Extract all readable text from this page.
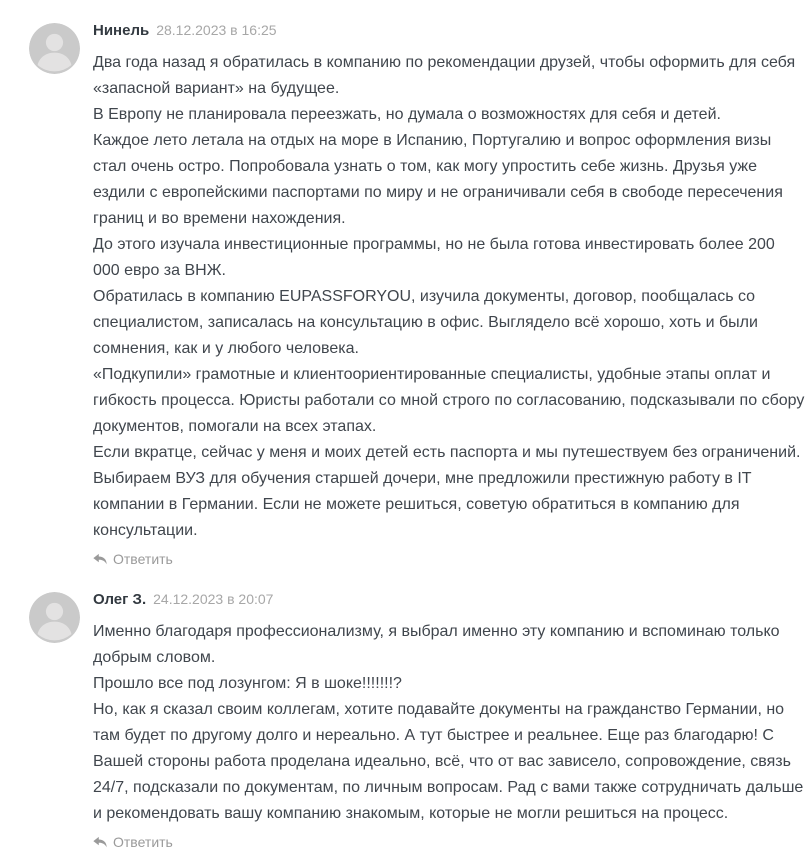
Нинель 28.12.2023 в 16:25
Два года назад я обратилась в компанию по рекомендации друзей, чтобы оформить для себя «запасной вариант» на будущее.
В Европу не планировала переезжать, но думала о возможностях для себя и детей.
Каждое лето летала на отдых на море в Испанию, Португалию и вопрос оформления визы стал очень остро. Попробовала узнать о том, как могу упростить себе жизнь. Друзья уже ездили с европейскими паспортами по миру и не ограничивали себя в свободе пересечения границ и во времени нахождения.
До этого изучала инвестиционные программы, но не была готова инвестировать более 200 000 евро за ВНЖ.
Обратилась в компанию EUPASSFORYOU, изучила документы, договор, пообщалась со специалистом, записалась на консультацию в офис. Выглядело всё хорошо, хоть и были сомнения, как и у любого человека.
«Подкупили» грамотные и клиентоориентированные специалисты, удобные этапы оплат и гибкость процесса. Юристы работали со мной строго по согласованию, подсказывали по сбору документов, помогали на всех этапах.
Если вкратце, сейчас у меня и моих детей есть паспорта и мы путешествуем без ограничений. Выбираем ВУЗ для обучения старшей дочери, мне предложили престижную работу в IT компании в Германии. Если не можете решиться, советую обратиться в компанию для консультации.
Ответить
Олег З. 24.12.2023 в 20:07
Именно благодаря профессионализму, я выбрал именно эту компанию и вспоминаю только добрым словом.
Прошло все под лозунгом: Я в шоке!!!!!!!?
Но, как я сказал своим коллегам, хотите подавайте документы на гражданство Германии, но там будет по другому долго и нереально. А тут быстрее и реальнее. Еще раз благодарю! С Вашей стороны работа проделана идеально, всё, что от вас зависело, сопровождение, связь 24/7, подсказали по документам, по личным вопросам. Рад с вами также сотрудничать дальше и рекомендовать вашу компанию знакомым, которые не могли решиться на процесс.
Ответить
